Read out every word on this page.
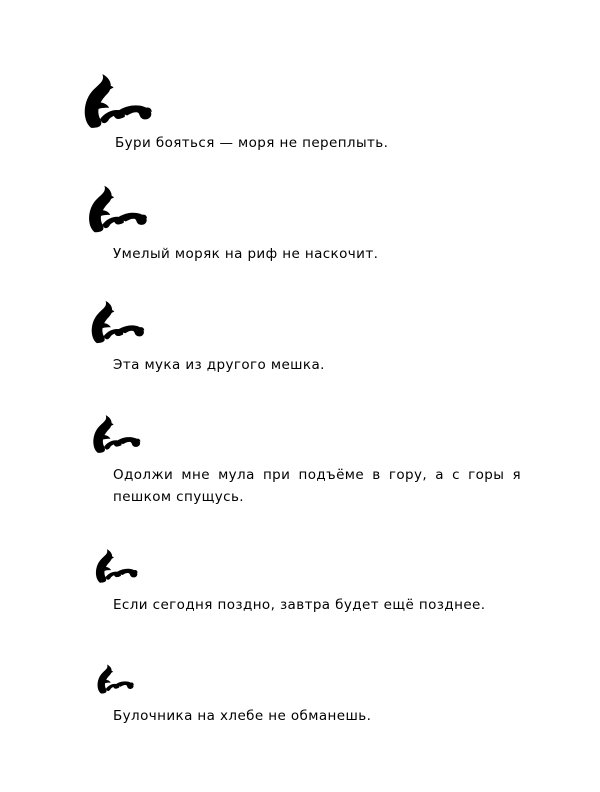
Бури бояться — моря не переплыть.

Умелый моряк на риф не наскочит.

Эта мука из другого мешка.

Одолжи мне мула при подъёме в гору, а с горы я пешком спущусь.

Если сегодня поздно, завтра будет ещё позднее.

Булочника на хлебе не обманешь.
